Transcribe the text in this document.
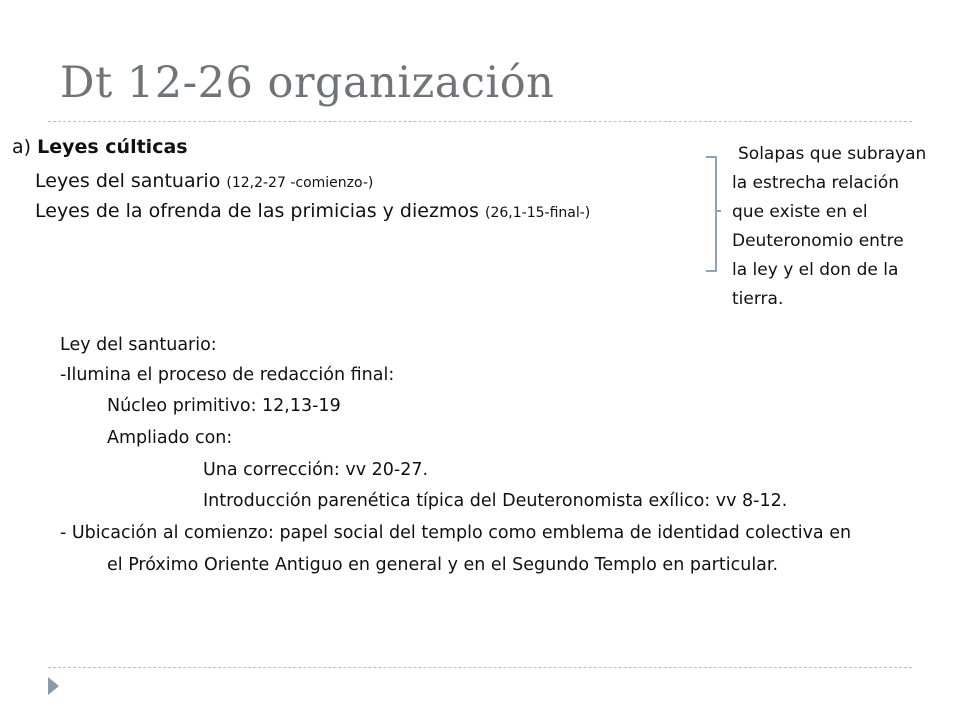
Dt 12-26 organización
a) Leyes cúlticas
Leyes del santuario (12,2-27 -comienzo-)
Leyes de la ofrenda de las primicias y diezmos (26,1-15-final-)
Solapas que subrayan
la estrecha relación
que existe en el
Deuteronomio entre
la ley y el don de la
tierra.
Ley del santuario:
-Ilumina el proceso de redacción final:
Núcleo primitivo: 12,13-19
Ampliado con:
Una corrección: vv 20-27.
Introducción parenética típica del Deuteronomista exílico: vv 8-12.
- Ubicación al comienzo: papel social del templo como emblema de identidad colectiva en
el Próximo Oriente Antiguo en general y en el Segundo Templo en particular.
